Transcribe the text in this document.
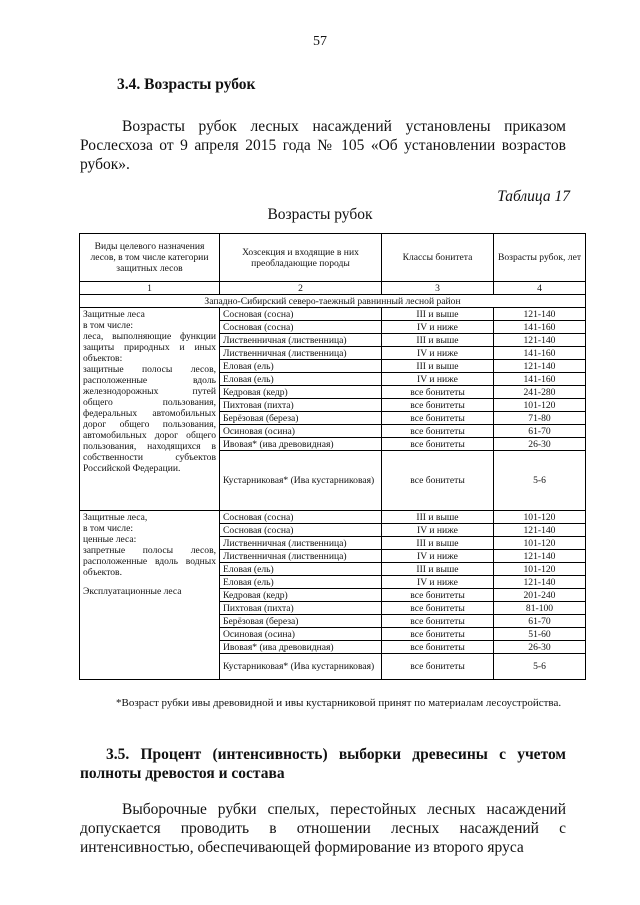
57
3.4. Возрасты рубок
Возрасты рубок лесных насаждений установлены приказом Рослесхоза от 9 апреля 2015 года № 105 «Об установлении возрастов рубок».
Таблица 17
Возрасты рубок
Виды целевого назначения лесов, в том числе категории защитных лесов	Хозсекция и входящие в них преобладающие породы	Классы бонитета	Возрасты рубок, лет
1	2	3	4
Западно-Сибирский северо-таежный равнинный лесной район			

Защитные леса
в том числе:
леса, выполняющие функции защиты природных и иных объектов:
защитные полосы лесов, расположенные вдоль железнодорожных путей общего пользования, федеральных автомобильных дорог общего пользования, автомобильных дорог общего пользования, находящихся в собственности субъектов Российской Федерации.	Сосновая (сосна)	III и выше	121-140
	Сосновая (сосна)	IV и ниже	141-160
	Лиственничная (лиственница)	III и выше	121-140
	Лиственничная (лиственница)	IV и ниже	141-160
	Еловая (ель)	III и выше	121-140
	Еловая (ель)	IV и ниже	141-160
	Кедровая (кедр)	все бонитеты	241-280
	Пихтовая (пихта)	все бонитеты	101-120
	Берёзовая (береза)	все бонитеты	71-80
	Осиновая (осина)	все бонитеты	61-70
	Ивовая* (ива древовидная)	все бонитеты	26-30
	Кустарниковая* (Ива кустарниковая)	все бонитеты	5-6

Защитные леса,
в том числе:
ценные леса:
запретные полосы лесов, расположенные вдоль водных объектов.
Эксплуатационные леса	Сосновая (сосна)	III и выше	101-120
	Сосновая (сосна)	IV и ниже	121-140
	Лиственничная (лиственница)	III и выше	101-120
	Лиственничная (лиственница)	IV и ниже	121-140
	Еловая (ель)	III и выше	101-120
	Еловая (ель)	IV и ниже	121-140
	Кедровая (кедр)	все бонитеты	201-240
	Пихтовая (пихта)	все бонитеты	81-100
	Берёзовая (береза)	все бонитеты	61-70
	Осиновая (осина)	все бонитеты	51-60
	Ивовая* (ива древовидная)	все бонитеты	26-30
	Кустарниковая* (Ива кустарниковая)	все бонитеты	5-6
*Возраст рубки ивы древовидной и ивы кустарниковой принят по материалам лесоустройства.
3.5. Процент (интенсивность) выборки древесины с учетом полноты древостоя и состава
Выборочные рубки спелых, перестойных лесных насаждений допускается проводить в отношении лесных насаждений с интенсивностью, обеспечивающей формирование из второго яруса
